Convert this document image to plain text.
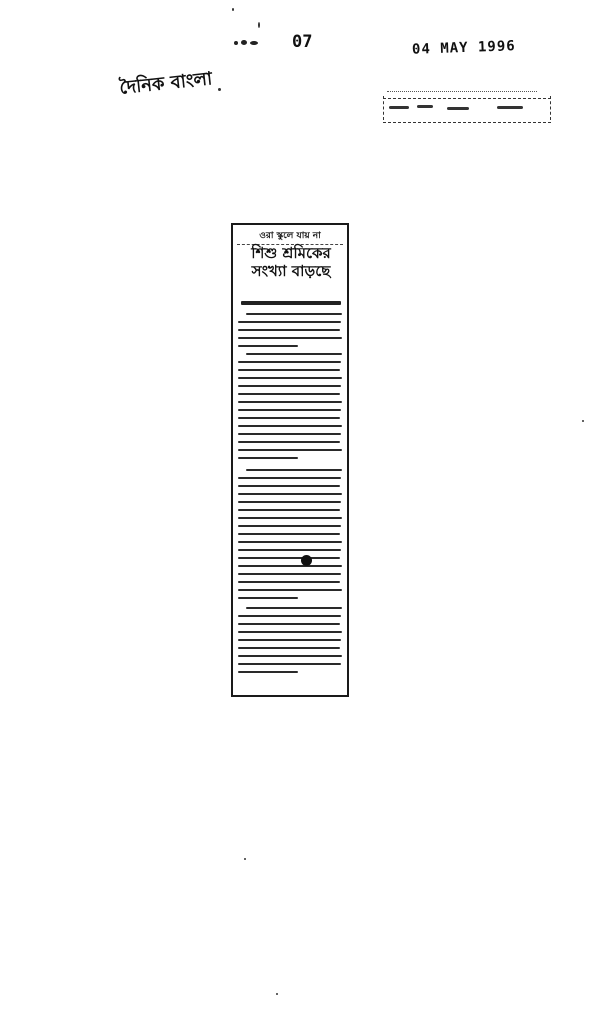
07	04 MAY 1996
দৈনিক বাংলা
ওরা স্কুলে যায় না
শিশু শ্রমিকের
সংখ্যা বাড়ছে
